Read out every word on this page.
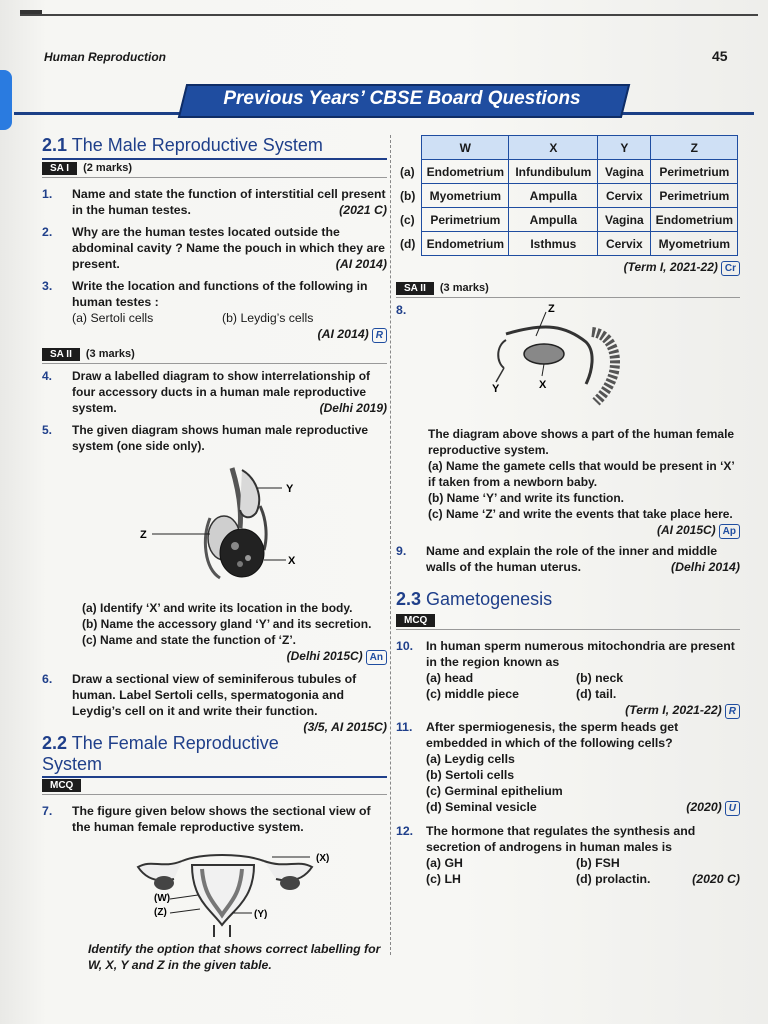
Human Reproduction	45
Previous Years’ CBSE Board Questions
2.1 The Male Reproductive System
SA I (2 marks)
1. Name and state the function of interstitial cell present in the human testes.	(2021 C)
2. Why are the human testes located outside the abdominal cavity ? Name the pouch in which they are present.	(AI 2014)
3. Write the location and functions of the following in human testes :
(a) Sertoli cells	(b) Leydig’s cells

(AI 2014) R
SA II (3 marks)
4. Draw a labelled diagram to show interrelationship of four accessory ducts in a human male reproductive system.	(Delhi 2019)
5. The given diagram shows human male reproductive system (one side only).
Y
Z
X
(a) Identify ‘X’ and write its location in the body.
(b) Name the accessory gland ‘Y’ and its secretion.
(c) Name and state the function of ‘Z’.
(Delhi 2015C) An
6. Draw a sectional view of seminiferous tubules of human. Label Sertoli cells, spermatogonia and Leydig’s cell on it and write their function.

(3/5, AI 2015C)
2.2 The Female Reproductive System
MCQ
7. The figure given below shows the sectional view of the human female reproductive system.
(X)
(W)
(Z)	(Y)
Identify the option that shows correct labelling for W, X, Y and Z in the given table.
	W	X	Y	Z
(a)	Endometrium	Infundibulum	Vagina	Perimetrium
(b)	Myometrium	Ampulla	Cervix	Perimetrium
(c)	Perimetrium	Ampulla	Vagina	Endometrium
(d)	Endometrium	Isthmus	Cervix	Myometrium
(Term I, 2021-22) Cr
SA II (3 marks)
8.	Z
Y	X
The diagram above shows a part of the human female reproductive system.
(a) Name the gamete cells that would be present in ‘X’ if taken from a newborn baby.
(b) Name ‘Y’ and write its function.
(c) Name ‘Z’ and write the events that take place here.
(AI 2015C) Ap
9. Name and explain the role of the inner and middle walls of the human uterus.	(Delhi 2014)
2.3 Gametogenesis
MCQ
10. In human sperm numerous mitochondria are present in the region known as
(a) head	(b) neck
(c) middle piece	(d) tail.

(Term I, 2021-22) R
11. After spermiogenesis, the sperm heads get embedded in which of the following cells?
(a) Leydig cells
(b) Sertoli cells
(c) Germinal epithelium
(d) Seminal vesicle	(2020) U
12. The hormone that regulates the synthesis and secretion of androgens in human males is
(a) GH	(b) FSH
(c) LH	(d) prolactin.	(2020 C)
